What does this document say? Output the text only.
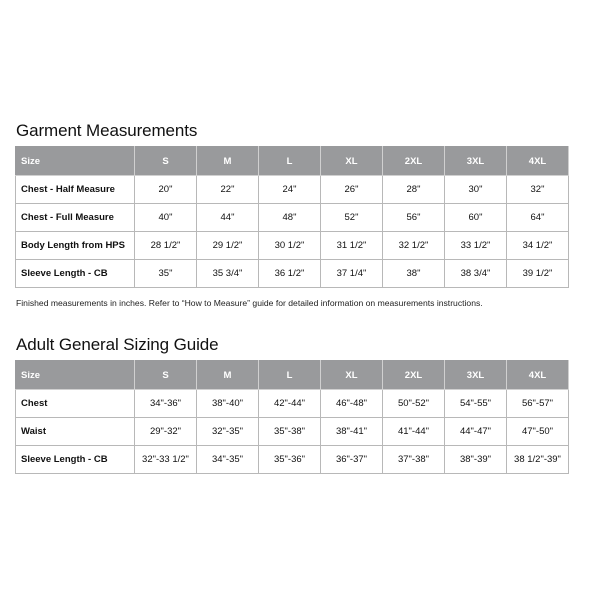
Garment Measurements
Size	S	M	L	XL	2XL	3XL	4XL
Chest - Half Measure	20"	22"	24"	26"	28"	30"	32"
Chest - Full Measure	40"	44"	48"	52"	56"	60"	64"
Body Length from HPS	28 1/2"	29 1/2"	30 1/2"	31 1/2"	32 1/2"	33 1/2"	34 1/2"
Sleeve Length - CB	35"	35 3/4"	36 1/2"	37 1/4"	38"	38 3/4"	39 1/2"

Finished measurements in inches. Refer to “How to Measure” guide for detailed information on measurements instructions.

Adult General Sizing Guide
Size	S	M	L	XL	2XL	3XL	4XL
Chest	34"-36"	38"-40"	42"-44"	46"-48"	50"-52"	54"-55"	56"-57"
Waist	29"-32"	32"-35"	35"-38"	38"-41"	41"-44"	44"-47"	47"-50"
Sleeve Length - CB	32"-33 1/2"	34"-35"	35"-36"	36"-37"	37"-38"	38"-39"	38 1/2"-39"
